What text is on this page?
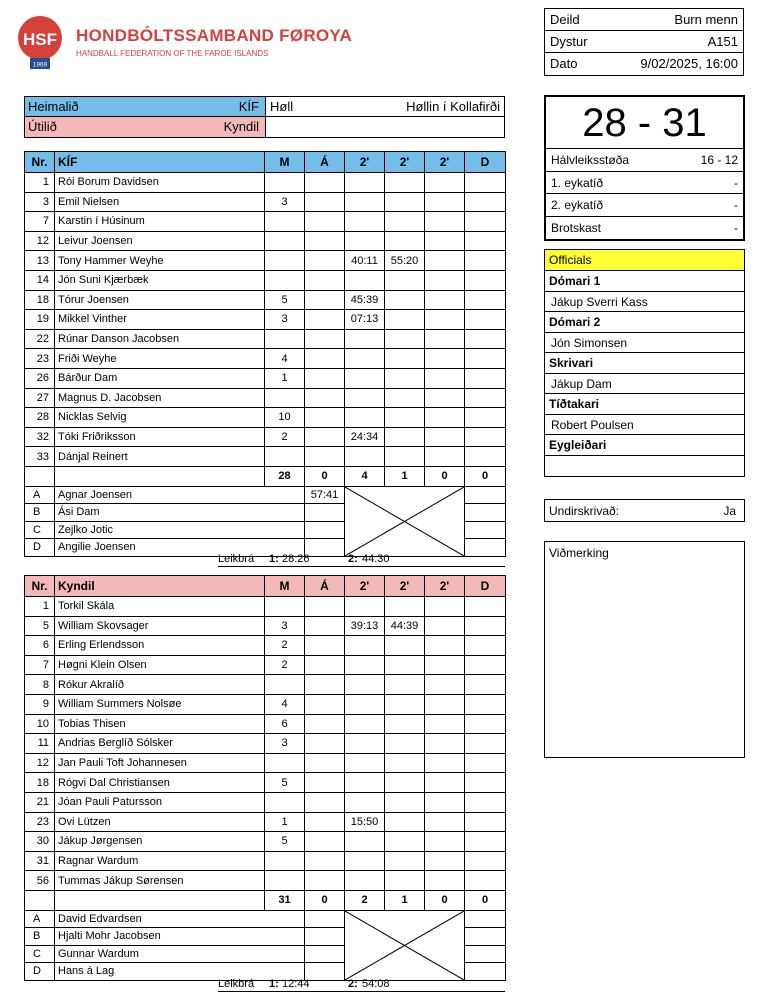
HSF
1969
HONDBÓLTSSAMBAND FØROYA
HANDBALL FEDERATION OF THE FAROE ISLANDS
Deild	Burn menn
Dystur	A151
Dato	9/02/2025, 16:00
Heimalið	KÍF Høll	Høllin í Kollafirði
Útilið	Kyndil	28 - 31
Hálvleiksstøða	16 - 12
1. eykatíð	-
2. eykatíð	-
Brotskast	-
Officials
Dómari 1
Jákup Sverri Kass
Dómari 2
Jón Simonsen
Skrivari
Jákup Dam
Tíðtakari
Robert Poulsen
Eygleiðari
Undirskrivað:	Ja
Viðmerking
Nr.	KÍF	M	Á	2'	2'	2'	D
1	Rói Borum Davidsen						
3	Emil Nielsen	3					
7	Karstin í Húsinum						
12	Leivur Joensen						
13	Tony Hammer Weyhe			40:11	55:20		
14	Jón Suni Kjærbæk						
18	Tórur Joensen	5		45:39			
19	Mikkel Vinther	3		07:13			
22	Rúnar Danson Jacobsen						
23	Friði Weyhe	4					
26	Bárður Dam	1					
27	Magnus D. Jacobsen						
28	Nicklas Selvig	10					
32	Tóki Friðriksson	2		24:34			
33	Dánjal Reinert						
		28	0	4	1	0	0
A	Agnar Joensen		57:41	

B	Ási Dam						
C	Zejlko Jotic						
D	Angilie Joensen						
Leikbrá 1: 28:26	2: 44:30
Nr.	Kyndil	M	Á	2'	2'	2'	D
1	Torkil Skála						
5	William Skovsager	3		39:13	44:39		
6	Erling Erlendsson	2					
7	Høgni Klein Olsen	2					
8	Rókur Akralíð						
9	William Summers Nolsøe	4					
10	Tobias Thisen	6					
11	Andrias Berglíð Sólsker	3					
12	Jan Pauli Toft Johannesen						
18	Rógvi Dal Christiansen	5					
21	Jóan Pauli Patursson						
23	Ovi Lützen	1		15:50			
30	Jákup Jørgensen	5					
31	Ragnar Wardum						
56	Tummas Jákup Sørensen						
		31	0	2	1	0	0
A	David Edvardsen		

B	Hjalti Mohr Jacobsen						
C	Gunnar Wardum						
D	Hans á Lag						
Leikbrá 1: 12:44	2: 54:08
